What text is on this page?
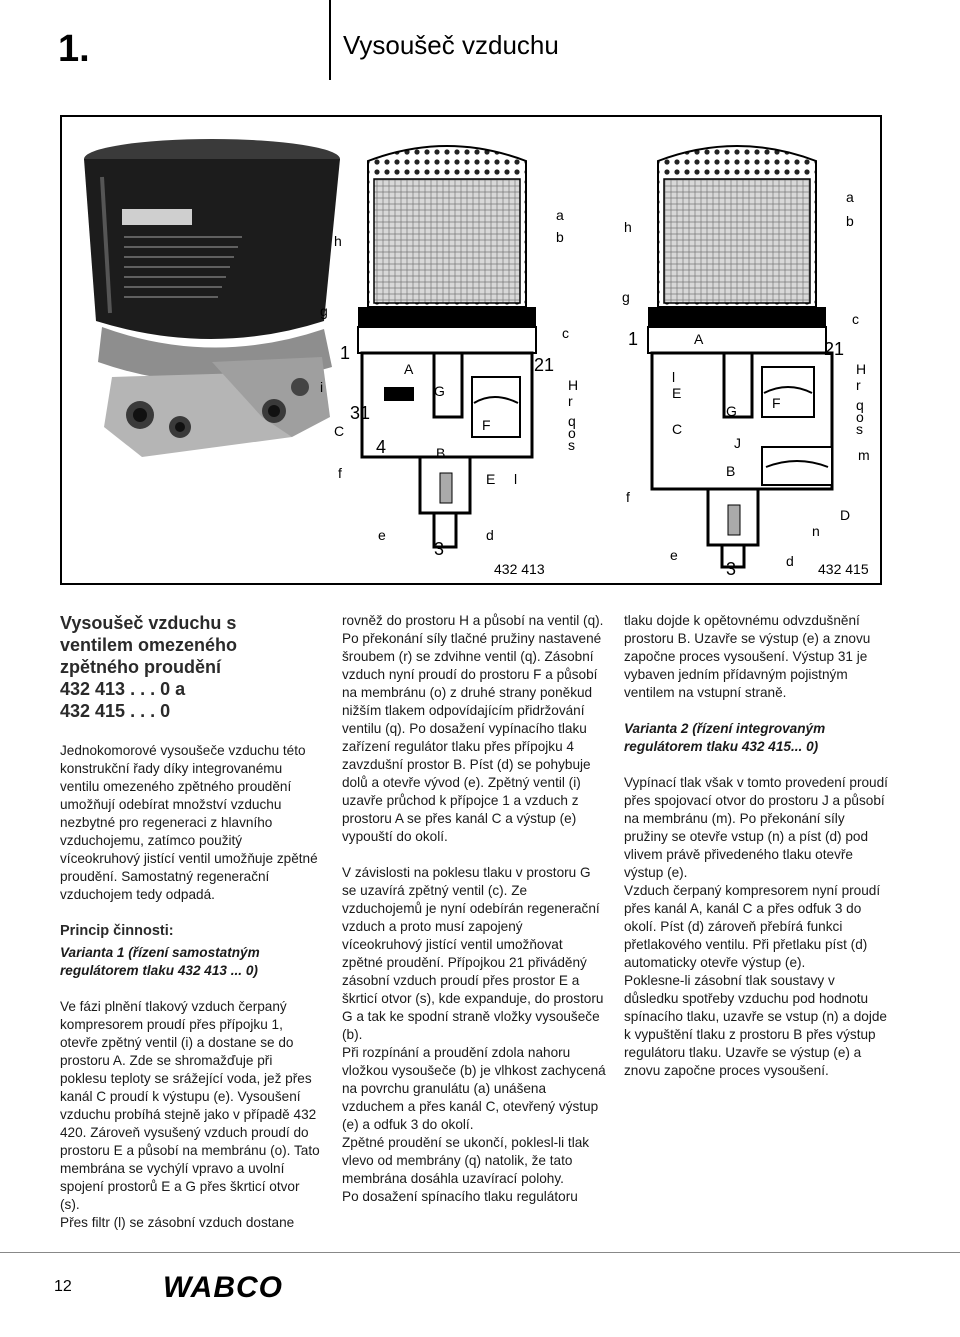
1.	Vysoušeč vzduchu
h
a
b
g
c
1
i
A	21
H
r
q
o
s
G
31
C	F
4	B
f	E l
e	d
3
432 413
h
a
b
g
c
1	A	21
H
r
l
E
F	q
o
G
s
C
J
m
B
f
D
n
e	d
3	432 415

Vysoušeč vzduchu s
ventilem omezeného
zpětného proudění
432 413 . . . 0 a
432 415 . . . 0

Jednokomorové vysoušeče vzduchu této konstrukční řady díky integrovanému ventilu omezeného zpětného proudění umožňují odebírat množství vzduchu nezbytné pro regeneraci z hlavního vzduchojemu, zatímco použitý víceokruhový jistící ventil umožňuje zpětné proudění. Samostatný regenerační vzduchojem tedy odpadá.

Princip činnosti:

Varianta 1 (řízení samostatným regulátorem tlaku 432 413 ... 0)

Ve fázi plnění tlakový vzduch čerpaný kompresorem proudí přes přípojku 1, otevře zpětný ventil (i) a dostane se do prostoru A. Zde se shromažďuje při poklesu teploty se srážející voda, jež přes kanál C proudí k výstupu (e). Vysoušení vzduchu probíhá stejně jako v případě 432 420. Zároveň vysušený vzduch proudí do prostoru E a působí na membránu (o). Tato membrána se vychýlí vpravo a uvolní spojení prostorů E a G přes škrticí otvor (s).

Přes filtr (l) se zásobní vzduch dostane

rovněž do prostoru H a působí na ventil (q). Po překonání síly tlačné pružiny nastavené šroubem (r) se zdvihne ventil (q). Zásobní vzduch nyní proudí do prostoru F a působí na membránu (o) z druhé strany poněkud nižším tlakem odpovídajícím přidržování ventilu (q). Po dosažení vypínacího tlaku zařízení regulátor tlaku přes přípojku 4 zavzdušní prostor B. Píst (d) se pohybuje dolů a otevře vývod (e). Zpětný ventil (i) uzavře průchod k přípojce 1 a vzduch z prostoru A se přes kanál C a výstup (e) vypouští do okolí.

V závislosti na poklesu tlaku v prostoru G se uzavírá zpětný ventil (c). Ze vzduchojemů je nyní odebírán regenerační vzduch a proto musí zapojený víceokruhový jistící ventil umožňovat zpětné proudění. Přípojkou 21 přiváděný zásobní vzduch proudí přes prostor E a škrticí otvor (s), kde expanduje, do prostoru G a tak ke spodní straně vložky vysoušeče (b).

Při rozpínání a proudění zdola nahoru vložkou vysoušeče (b) je vlhkost zachycená na povrchu granulátu (a) unášena vzduchem a přes kanál C, otevřený výstup (e) a odfuk 3 do okolí.

Zpětné proudění se ukončí, poklesl-li tlak vlevo od membrány (q) natolik, že tato membrána dosáhla uzavírací polohy.

Po dosažení spínacího tlaku regulátoru

tlaku dojde k opětovnému odvzdušnění prostoru B. Uzavře se výstup (e) a znovu započne proces vysoušení. Výstup 31 je vybaven jedním přídavným pojistným ventilem na vstupní straně.

Varianta 2 (řízení integrovaným regulátorem tlaku 432 415... 0)

Vypínací tlak však v tomto provedení proudí přes spojovací otvor do prostoru J a působí na membránu (m). Po překonání síly pružiny se otevře vstup (n) a píst (d) pod vlivem právě přivedeného tlaku otevře výstup (e).

Vzduch čerpaný kompresorem nyní proudí přes kanál A, kanál C a přes odfuk 3 do okolí. Píst (d) zároveň přebírá funkci přetlakového ventilu. Při přetlaku píst (d) automaticky otevře výstup (e).

Poklesne-li zásobní tlak soustavy v důsledku spotřeby vzduchu pod hodnotu spínacího tlaku, uzavře se vstup (n) a dojde k vypuštění tlaku z prostoru B přes výstup regulátoru tlaku. Uzavře se výstup (e) a znovu započne proces vysoušení.

12	WABCO
